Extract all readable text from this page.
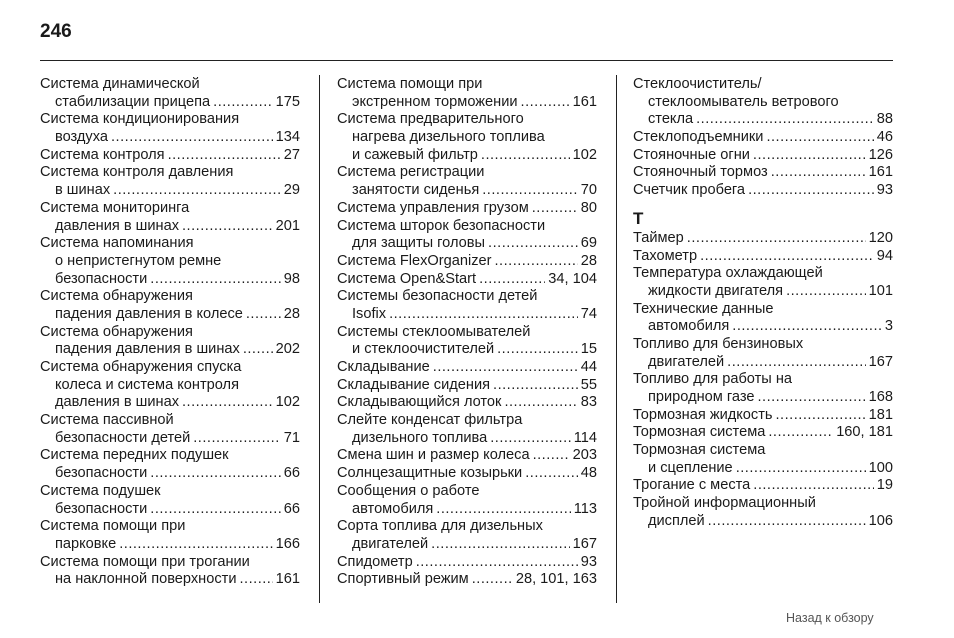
246
Система динамической
стабилизации прицепа .....	175
Система кондиционирования
воздуха .....	134
Система контроля .....	27
Система контроля давления
в шинах .....	29
Система мониторинга
давления в шинах .....	201
Система напоминания
о непристегнутом ремне
безопасности .....	98
Система обнаружения
падения давления в колесе .....	28
Система обнаружения
падения давления в шинах ..... 202
Система обнаружения спуска
колеса и система контроля
давления в шинах .....	102
Система пассивной
безопасности детей .....	71
Система передних подушек
безопасности .....	66
Система подушек
безопасности .....	66
Система помощи при
парковке .....	166
Система помощи при трогании
на наклонной поверхности .....	161
Система помощи при
экстренном торможении .....	161
Система предварительного
нагрева дизельного топлива
и сажевый фильтр .....	102
Система регистрации
занятости сиденья .....	70
Система управления грузом .....	80
Система шторок безопасности
для защиты головы .....	69
Система FlexOrganizer .....	28
Система Open&Start .....	34, 104
Системы безопасности детей
Isofix .....	74
Системы стеклоомывателей
и стеклоочистителей .....	15
Складывание .....	44
Складывание сидения .....	55
Складывающийся лоток .....	83
Слейте конденсат фильтра
дизельного топлива .....	114
Смена шин и размер колеса .....	203
Солнцезащитные козырьки .....	48
Сообщения о работе
автомобиля .....	113
Сорта топлива для дизельных
двигателей .....	167
Спидометр .....	93
Спортивный режим .....	28, 101, 163
Стеклоочиститель/
стеклоомыватель ветрового
стекла .....	88
Стеклоподъемники .....	46
Стояночные огни .....	126
Стояночный тормоз .....	161
Счетчик пробега .....	93
Т
Таймер .....	120
Тахометр .....	94
Температура охлаждающей
жидкости двигателя .....	101
Технические данные
автомобиля .....	3
Топливо для бензиновых
двигателей .....	167
Топливо для работы на
природном газе .....	168
Тормозная жидкость .....	181
Тормозная система .....	160, 181
Тормозная система
и сцепление .....	100
Трогание с места .....	19
Тройной информационный
дисплей .....	106
Назад к обзору
